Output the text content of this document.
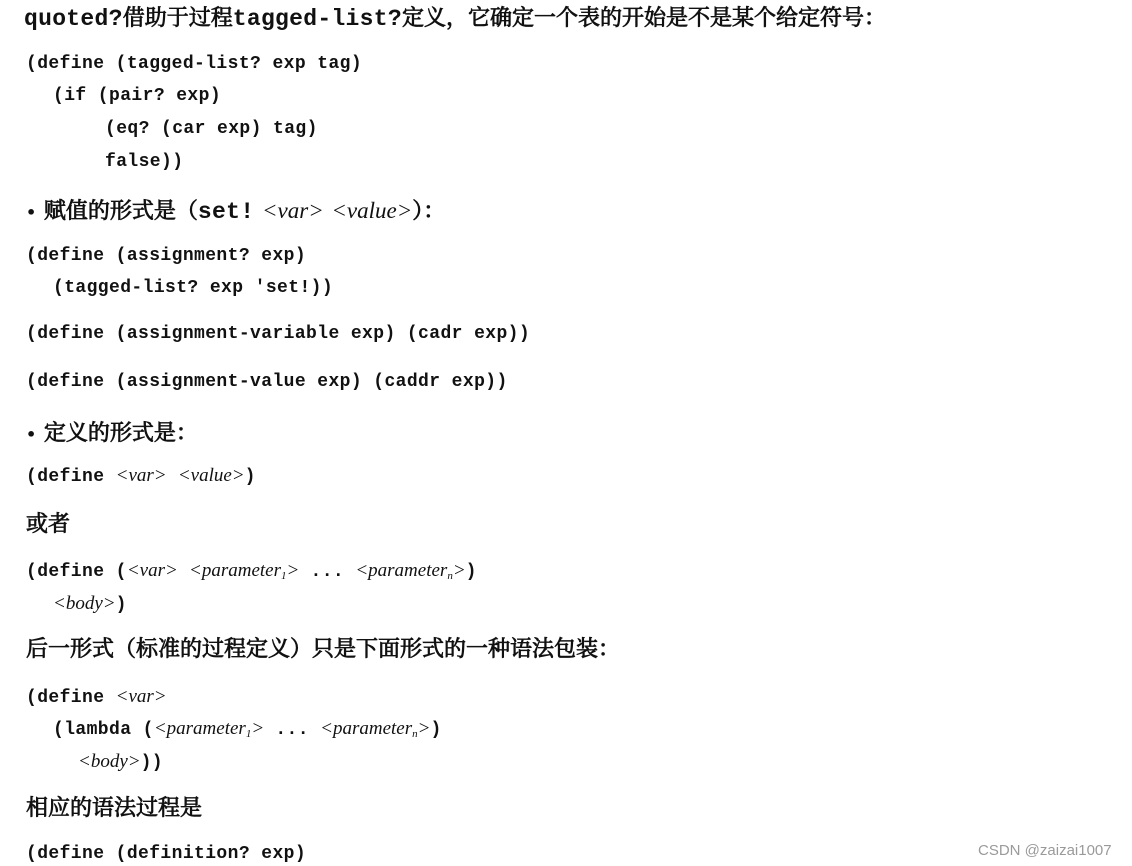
quoted?借助于过程tagged-list?定义，它确定一个表的开始是不是某个给定符号：
(define (tagged-list? exp tag)
(if (pair? exp)
(eq? (car exp) tag)
false))
• 赋值的形式是（set! <var> <value>）：
(define (assignment? exp)
(tagged-list? exp 'set!))
(define (assignment-variable exp) (cadr exp))
(define (assignment-value exp) (caddr exp))
• 定义的形式是：
(define <var> <value>)
或者
(define (<var> <parameter$_1$> ... <parameter$_n$>)
<body>)
后一形式（标准的过程定义）只是下面形式的一种语法包装：
(define <var>
(lambda (<parameter$_1$> ... <parameter$_n$>)
<body>))
相应的语法过程是
(define (definition? exp)	CSDN @zaizai1007
